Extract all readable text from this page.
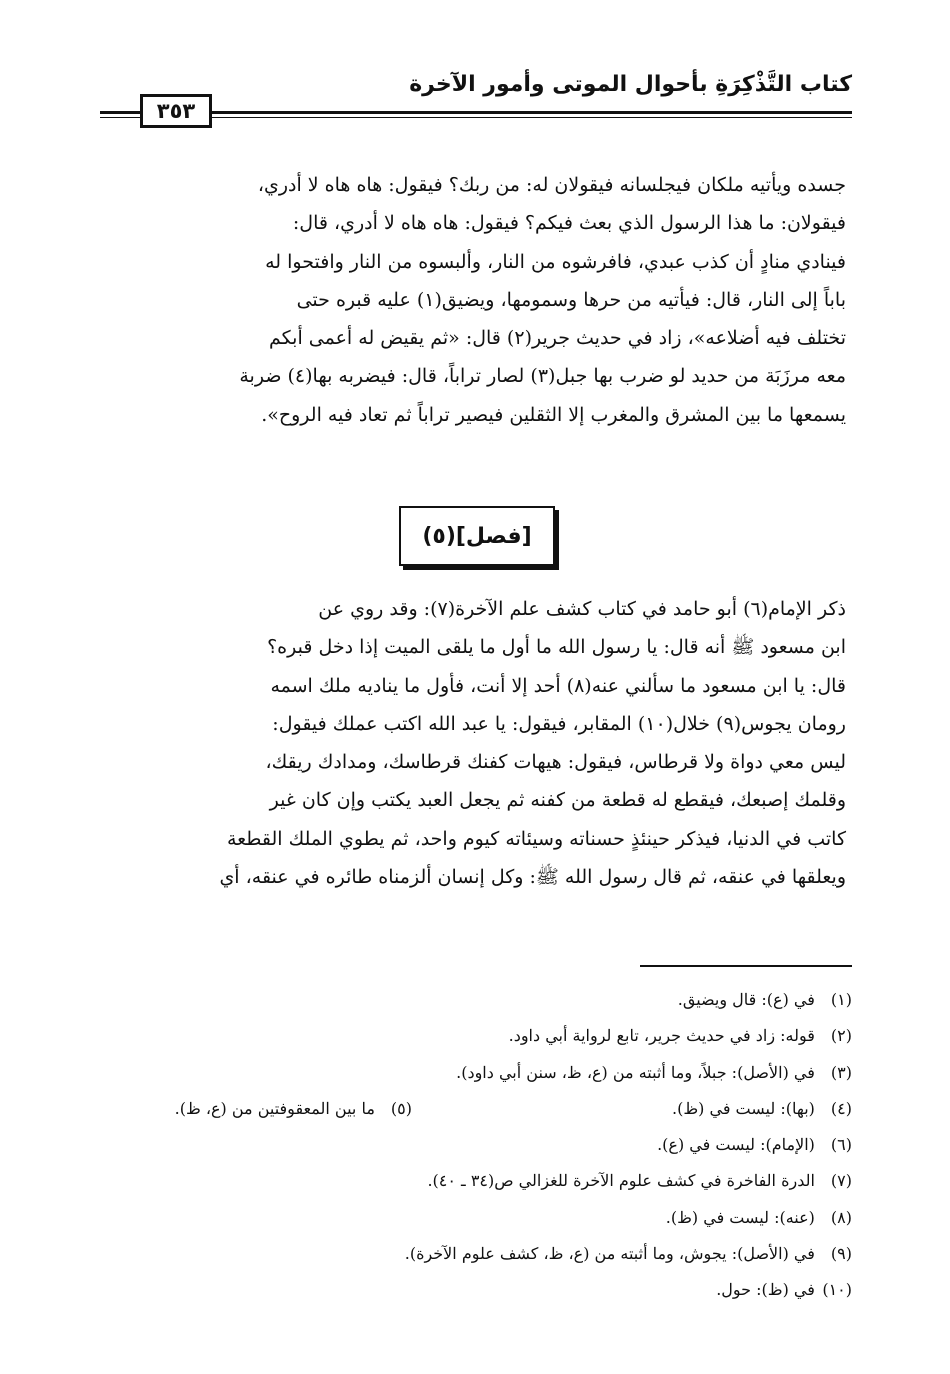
كتاب التَّذْكِرَةِ بأحوال الموتى وأمور الآخرة
٣٥٣

جسده ويأتيه ملكان فيجلسانه فيقولان له: من ربك؟ فيقول: هاه هاه لا أدري،

فيقولان: ما هذا الرسول الذي بعث فيكم؟ فيقول: هاه هاه لا أدري، قال:

فينادي منادٍ أن كذب عبدي، فافرشوه من النار، وألبسوه من النار وافتحوا له

باباً إلى النار، قال: فيأتيه من حرها وسمومها، ويضيق(١) عليه قبره حتى

تختلف فيه أضلاعه»، زاد في حديث جرير(٢) قال: «ثم يقيض له أعمى أبكم

معه مرزَبَة من حديد لو ضرب بها جبل(٣) لصار تراباً، قال: فيضربه بها(٤) ضربة

يسمعها ما بين المشرق والمغرب إلا الثقلين فيصير تراباً ثم تعاد فيه الروح».

[فصل](٥)

ذكر الإمام(٦) أبو حامد في كتاب كشف علم الآخرة(٧): وقد روي عن

ابن مسعود ﷺ أنه قال: يا رسول الله ما أول ما يلقى الميت إذا دخل قبره؟

قال: يا ابن مسعود ما سألني عنه(٨) أحد إلا أنت، فأول ما يناديه ملك اسمه

رومان يجوس(٩) خلال(١٠) المقابر، فيقول: يا عبد الله اكتب عملك فيقول:

ليس معي دواة ولا قرطاس، فيقول: هيهات كفنك قرطاسك، ومدادك ريقك،

وقلمك إصبعك، فيقطع له قطعة من كفنه ثم يجعل العبد يكتب وإن كان غير

كاتب في الدنيا، فيذكر حينئذٍ حسناته وسيئاته كيوم واحد، ثم يطوي الملك القطعة

ويعلقها في عنقه، ثم قال رسول الله ﷺ: وكل إنسان ألزمناه طائره في عنقه، أي

(١) في (ع): قال ويضيق.
(٢) قوله: زاد في حديث جرير، تابع لرواية أبي داود.
(٣) في (الأصل): جبلاً، وما أثبته من (ع، ظ، سنن أبي داود).
(٤) (بها): ليست في (ظ).
(٥) ما بين المعقوفتين من (ع، ظ).
(٦) (الإمام): ليست في (ع).
(٧) الدرة الفاخرة في كشف علوم الآخرة للغزالي ص(٣٤ ـ ٤٠).
(٨) (عنه): ليست في (ظ).
(٩) في (الأصل): يجوش، وما أثبته من (ع، ظ، كشف علوم الآخرة).
(١٠) في (ظ): حول.
